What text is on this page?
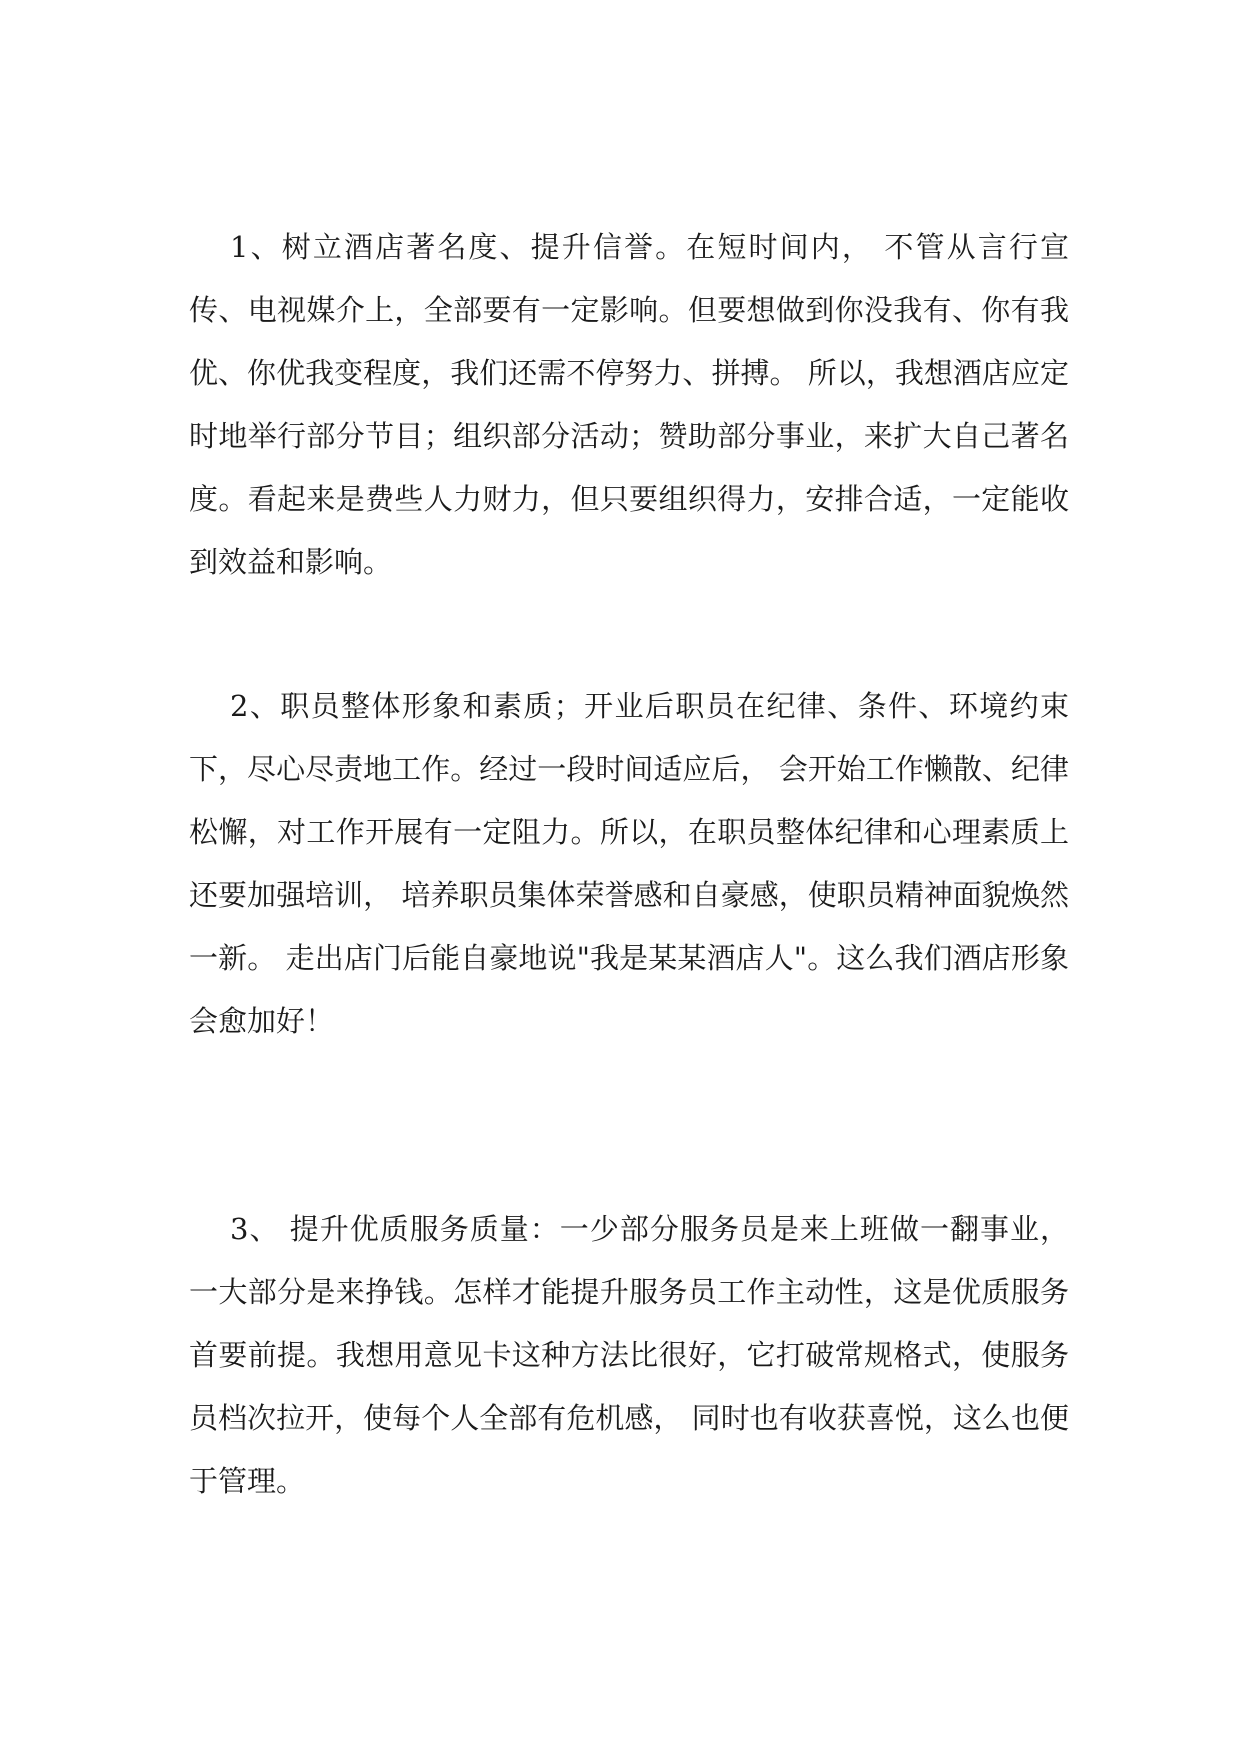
1、树立酒店著名度、提升信誉。在短时间内， 不管从言行宣传、电视媒介上，全部要有一定影响。但要想做到你没我有、你有我优、你优我变程度，我们还需不停努力、拼搏。 所以，我想酒店应定时地举行部分节目；组织部分活动；赞助部分事业，来扩大自己著名度。看起来是费些人力财力，但只要组织得力，安排合适，一定能收到效益和影响。

2、职员整体形象和素质；开业后职员在纪律、条件、环境约束下，尽心尽责地工作。经过一段时间适应后， 会开始工作懒散、纪律松懈，对工作开展有一定阻力。所以，在职员整体纪律和心理素质上还要加强培训， 培养职员集体荣誉感和自豪感，使职员精神面貌焕然一新。 走出店门后能自豪地说"我是某某酒店人"。这么我们酒店形象会愈加好！

3、 提升优质服务质量：一少部分服务员是来上班做一翻事业，一大部分是来挣钱。怎样才能提升服务员工作主动性，这是优质服务首要前提。我想用意见卡这种方法比很好，它打破常规格式，使服务员档次拉开，使每个人全部有危机感， 同时也有收获喜悦，这么也便于管理。
